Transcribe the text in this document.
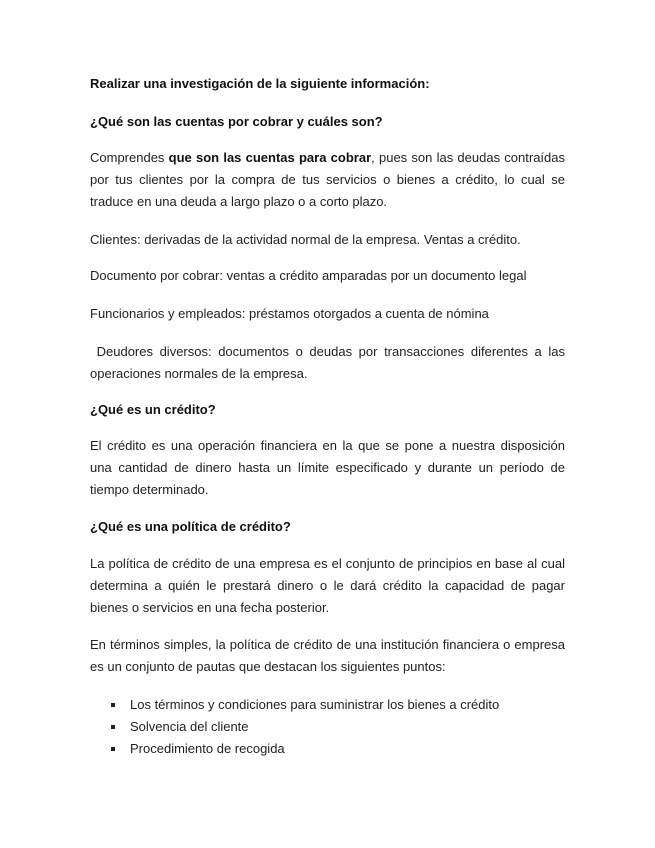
Realizar una investigación de la siguiente información:

¿Qué son las cuentas por cobrar y cuáles son?

Comprendes que son las cuentas para cobrar, pues son las deudas contraídas por tus clientes por la compra de tus servicios o bienes a crédito, lo cual se traduce en una deuda a largo plazo o a corto plazo.

Clientes: derivadas de la actividad normal de la empresa. Ventas a crédito.

Documento por cobrar: ventas a crédito amparadas por un documento legal

Funcionarios y empleados: préstamos otorgados a cuenta de nómina

Deudores diversos: documentos o deudas por transacciones diferentes a las operaciones normales de la empresa.

¿Qué es un crédito?

El crédito es una operación financiera en la que se pone a nuestra disposición una cantidad de dinero hasta un límite especificado y durante un período de tiempo determinado.

¿Qué es una política de crédito?

La política de crédito de una empresa es el conjunto de principios en base al cual determina a quién le prestará dinero o le dará crédito la capacidad de pagar bienes o servicios en una fecha posterior.

En términos simples, la política de crédito de una institución financiera o empresa es un conjunto de pautas que destacan los siguientes puntos:

Los términos y condiciones para suministrar los bienes a crédito
Solvencia del cliente
Procedimiento de recogida
